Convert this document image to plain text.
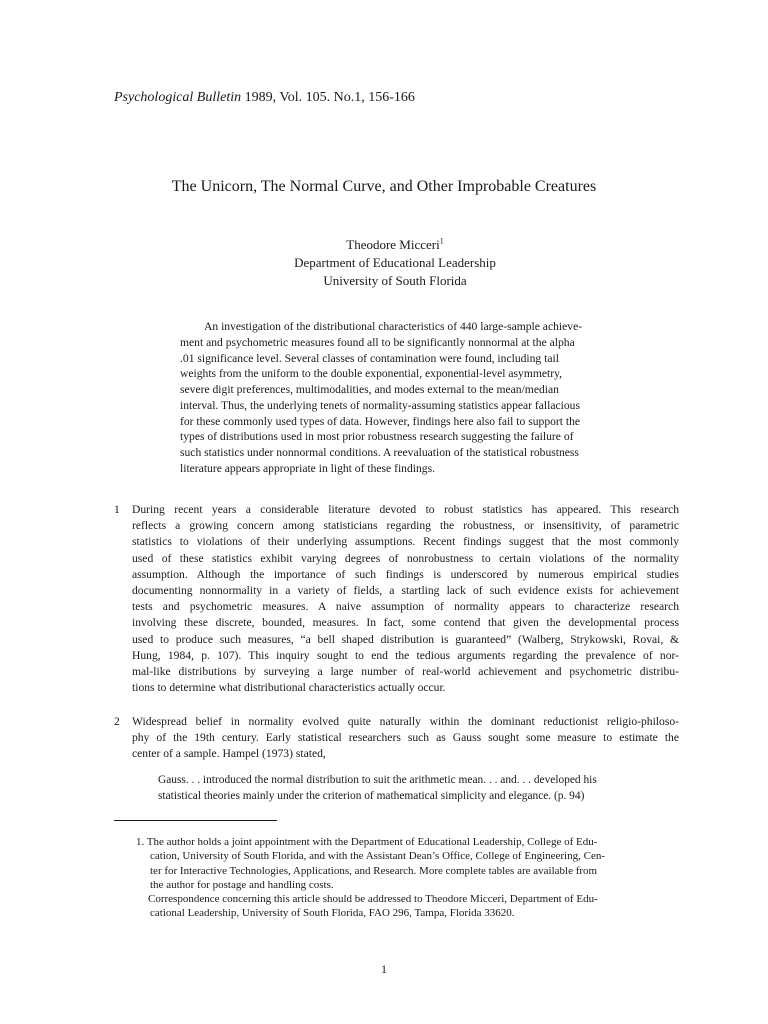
Psychological Bulletin 1989, Vol. 105. No.1, 156-166
The Unicorn, The Normal Curve, and Other Improbable Creatures
Theodore Micceri$^1$
Department of Educational Leadership
University of South Florida
An investigation of the distributional characteristics of 440 large-sample achieve-
ment and psychometric measures found all to be significantly nonnormal at the alpha
.01 significance level. Several classes of contamination were found, including tail
weights from the uniform to the double exponential, exponential-level asymmetry,
severe digit preferences, multimodalities, and modes external to the mean/median
interval. Thus, the underlying tenets of normality-assuming statistics appear fallacious
for these commonly used types of data. However, findings here also fail to support the
types of distributions used in most prior robustness research suggesting the failure of
such statistics under nonnormal conditions. A reevaluation of the statistical robustness
literature appears appropriate in light of these findings.
1	During recent years a considerable literature devoted to robust statistics has appeared. This research
reflects a growing concern among statisticians regarding the robustness, or insensitivity, of parametric
statistics to violations of their underlying assumptions. Recent findings suggest that the most commonly
used of these statistics exhibit varying degrees of nonrobustness to certain violations of the normality
assumption. Although the importance of such findings is underscored by numerous empirical studies
documenting nonnormality in a variety of fields, a startling lack of such evidence exists for achievement
tests and psychometric measures. A naive assumption of normality appears to characterize research
involving these discrete, bounded, measures. In fact, some contend that given the developmental process
used to produce such measures, “a bell shaped distribution is guaranteed” (Walberg, Strykowski, Rovai, &
Hung, 1984, p. 107). This inquiry sought to end the tedious arguments regarding the prevalence of nor-
mal-like distributions by surveying a large number of real-world achievement and psychometric distribu-
tions to determine what distributional characteristics actually occur.
2	Widespread belief in normality evolved quite naturally within the dominant reductionist religio-philoso-
phy of the 19th century. Early statistical researchers such as Gauss sought some measure to estimate the
center of a sample. Hampel (1973) stated,
Gauss. . . introduced the normal distribution to suit the arithmetic mean. . . and. . . developed his
statistical theories mainly under the criterion of mathematical simplicity and elegance. (p. 94)
1. The author holds a joint appointment with the Department of Educational Leadership, College of Edu-
cation, University of South Florida, and with the Assistant Dean’s Office, College of Engineering, Cen-
ter for Interactive Technologies, Applications, and Research. More complete tables are available from
the author for postage and handling costs.
Correspondence concerning this article should be addressed to Theodore Micceri, Department of Edu-
cational Leadership, University of South Florida, FAO 296, Tampa, Florida 33620.
1
